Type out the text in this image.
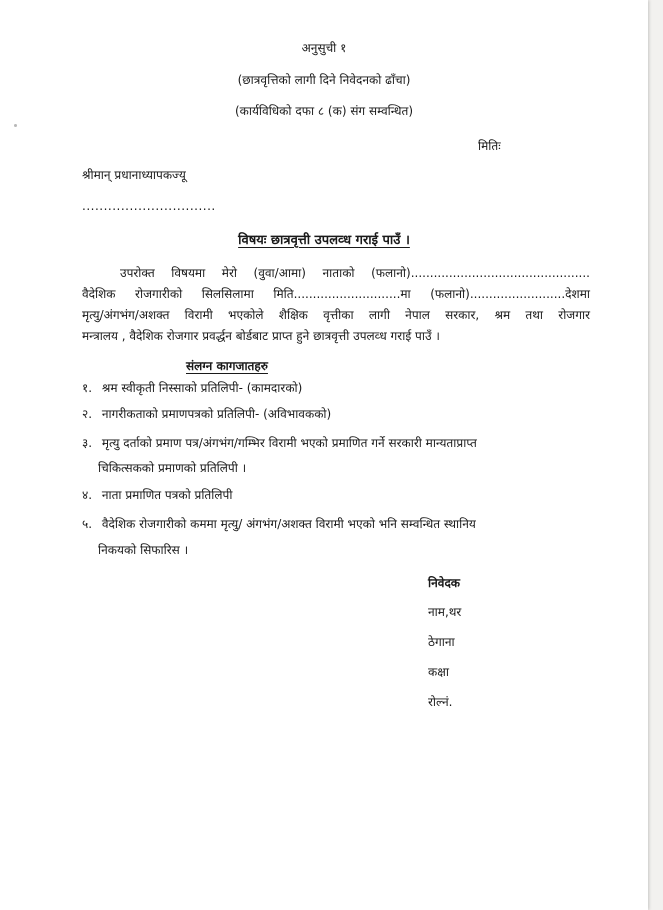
अनुसुची १
(छात्रवृत्तिको लागी दिने निवेदनको ढाँचा)
(कार्यविधिको दफा ८ (क) संग सम्वन्धित)
मितिः
श्रीमान् प्रधानाध्यापकज्यू
...............................
विषयः छात्रवृत्ती उपलव्ध गराई पाउँ ।
उपरोक्त विषयमा मेरो (वुवा/आमा) नाताको (फलानो)...............................................
वैदेशिक रोजगारीको सिलसिलामा मिति............................मा (फलानो).........................देशमा
मृत्यु/अंगभंग/अशक्त विरामी भएकोले शैक्षिक वृत्तीका लागी नेपाल सरकार, श्रम तथा रोजगार
मन्त्रालय , वैदेशिक रोजगार प्रवर्द्धन बोर्डबाट प्राप्त हुने छात्रवृत्ती उपलव्ध गराई पाउँ ।
संलग्न कागजातहरु
१. श्रम स्वीकृती निस्साको प्रतिलिपी- (कामदारको)
२. नागरीकताको प्रमाणपत्रको प्रतिलिपी- (अविभावकको)
३. मृत्यु दर्ताको प्रमाण पत्र/अंगभंग/गम्भिर विरामी भएको प्रमाणित गर्ने सरकारी मान्यताप्राप्त
चिकित्सकको प्रमाणको प्रतिलिपी ।
४. नाता प्रमाणित पत्रको प्रतिलिपी
५. वैदेशिक रोजगारीको कममा मृत्यु/ अंगभंग/अशक्त विरामी भएको भनि सम्वन्धित स्थानिय
निकयको सिफारिस ।
निवेदक
नाम,थर
ठेगाना
कक्षा
रोल्नं.
